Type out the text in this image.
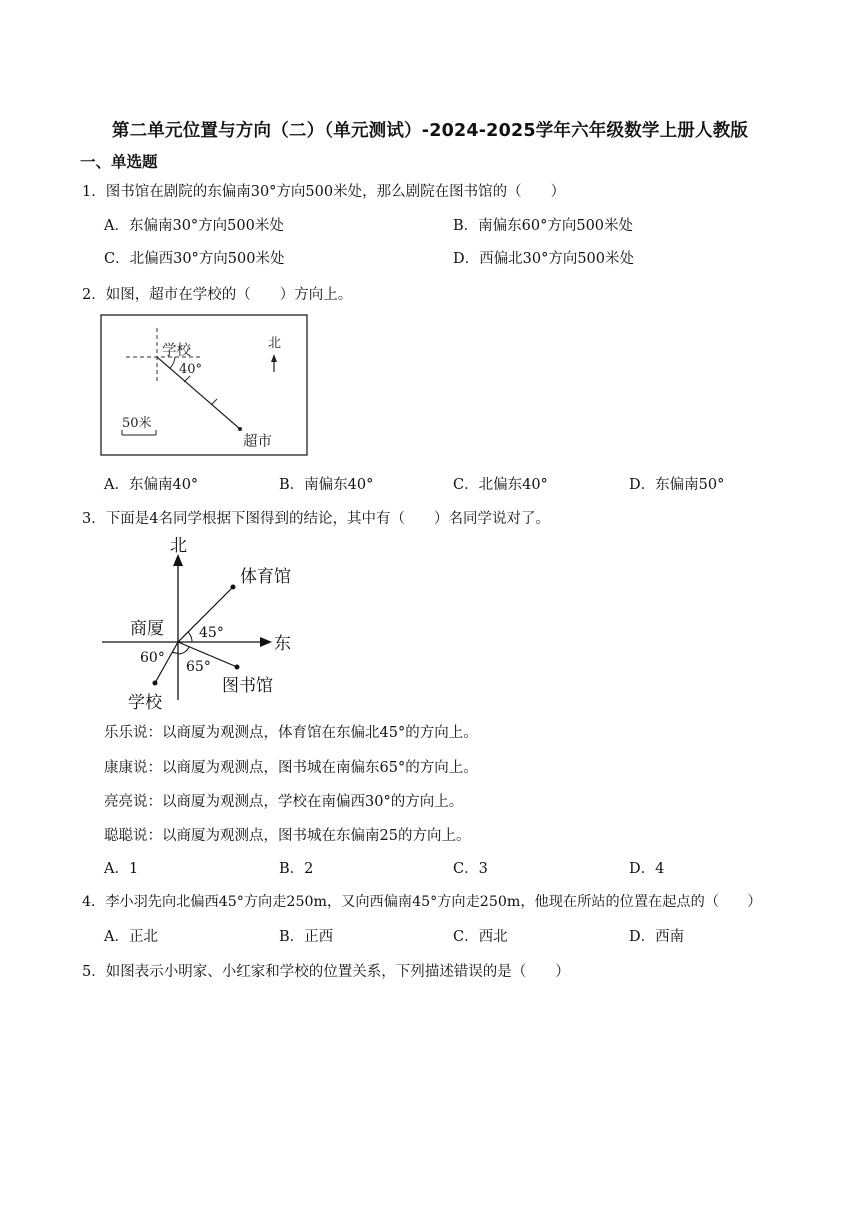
第二单元位置与方向（二）（单元测试）-2024-2025学年六年级数学上册人教版
一、单选题
1．图书馆在剧院的东偏南30°方向500米处，那么剧院在图书馆的（　　）
A．东偏南30°方向500米处	B．南偏东60°方向500米处
C．北偏西30°方向500米处	D．西偏北30°方向500米处
2．如图，超市在学校的（　　）方向上。
学校
40°
北
50米
超市
A．东偏南40°	B．南偏东40°	C．北偏东40°	D．东偏南50°
3．下面是4名同学根据下图得到的结论，其中有（　　）名同学说对了。
北
东
商厦
体育馆
图书馆
学校
45°
60°
65°
乐乐说：以商厦为观测点，体育馆在东偏北45°的方向上。
康康说：以商厦为观测点，图书城在南偏东65°的方向上。
亮亮说：以商厦为观测点，学校在南偏西30°的方向上。
聪聪说：以商厦为观测点，图书城在东偏南25的方向上。
A．1	B．2	C．3	D．4
4．李小羽先向北偏西45°方向走250m，又向西偏南45°方向走250m，他现在所站的位置在起点的（　　）
A．正北	B．正西	C．西北	D．西南
5．如图表示小明家、小红家和学校的位置关系，下列描述错误的是（　　）
